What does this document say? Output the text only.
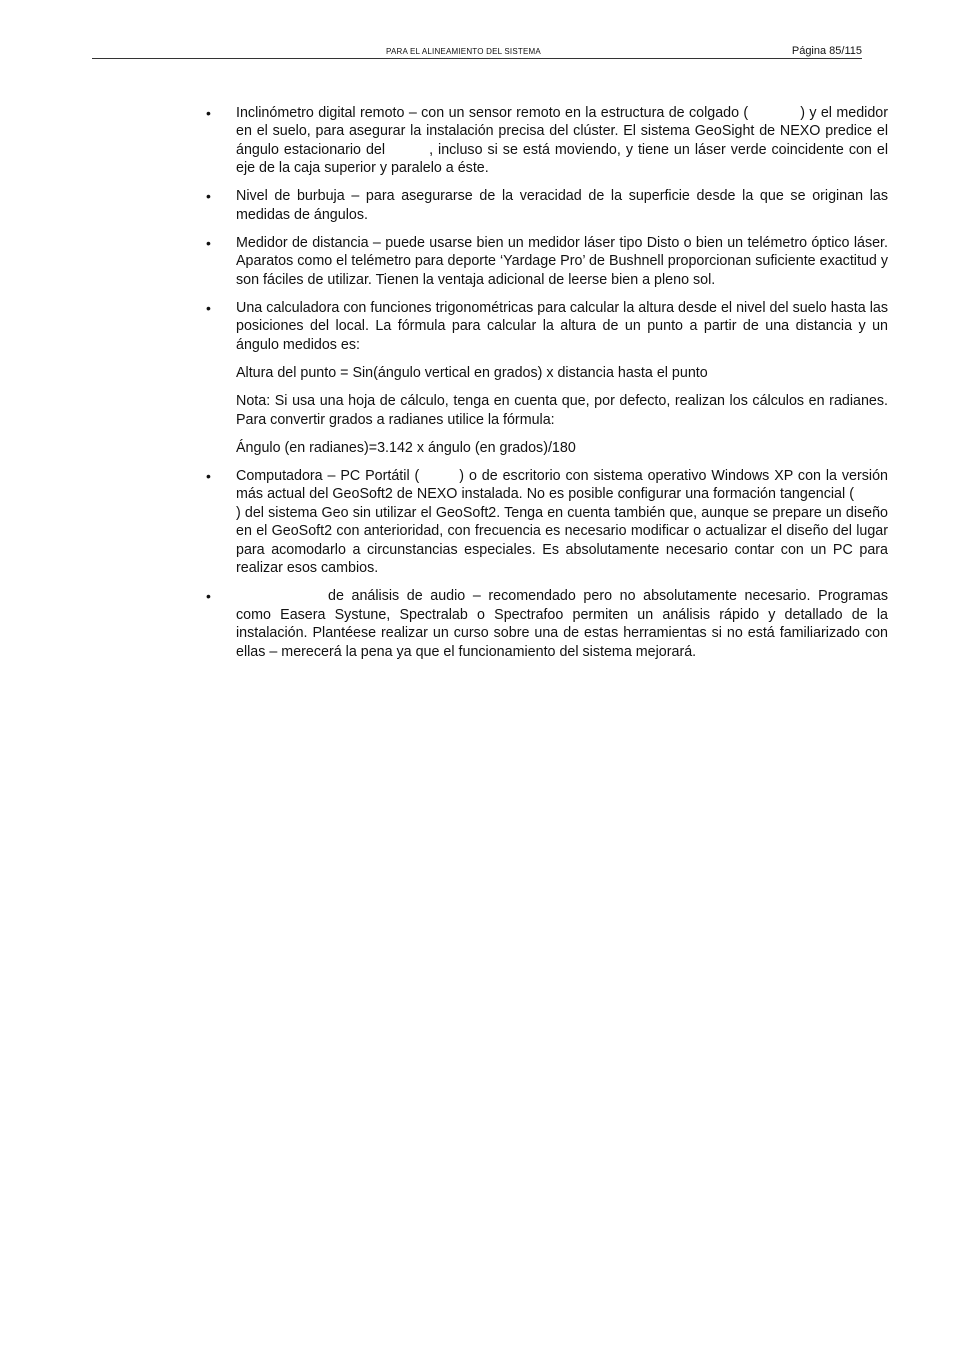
PARA EL ALINEAMIENTO DEL SISTEMA	Página 85/115
•	Inclinómetro digital remoto – con un sensor remoto en la estructura de colgado (	) y el medidor en el suelo, para asegurar la instalación precisa del clúster. El sistema GeoSight de NEXO predice el ángulo estacionario del	, incluso si se está moviendo, y tiene un láser verde coincidente con el eje de la caja superior y paralelo a éste.
•	Nivel de burbuja – para asegurarse de la veracidad de la superficie desde la que se originan las medidas de ángulos.
•	Medidor de distancia – puede usarse bien un medidor láser tipo Disto o bien un telémetro óptico láser. Aparatos como el telémetro para deporte ‘Yardage Pro’ de Bushnell proporcionan suficiente exactitud y son fáciles de utilizar. Tienen la ventaja adicional de leerse bien a pleno sol.
•	Una calculadora con funciones trigonométricas para calcular la altura desde el nivel del suelo hasta las posiciones del local. La fórmula para calcular la altura de un punto a partir de una distancia y un ángulo medidos es:
Altura del punto = Sin(ángulo vertical en grados) x distancia hasta el punto
Nota: Si usa una hoja de cálculo, tenga en cuenta que, por defecto, realizan los cálculos en radianes. Para convertir grados a radianes utilice la fórmula:
Ángulo (en radianes)=3.142 x ángulo (en grados)/180
•	Computadora – PC Portátil (	) o de escritorio con sistema operativo Windows XP con la versión más actual del GeoSoft2 de NEXO instalada. No es posible configurar una formación tangencial () del sistema Geo sin utilizar el GeoSoft2. Tenga en cuenta también que, aunque se prepare un diseño en el GeoSoft2 con anterioridad, con frecuencia es necesario modificar o actualizar el diseño del lugar para acomodarlo a circunstancias especiales. Es absolutamente necesario contar con un PC para realizar esos cambios.
•	de análisis de audio – recomendado pero no absolutamente necesario. Programas como Easera Systune, Spectralab o Spectrafoo permiten un análisis rápido y detallado de la instalación. Plantéese realizar un curso sobre una de estas herramientas si no está familiarizado con ellas – merecerá la pena ya que el funcionamiento del sistema mejorará.
